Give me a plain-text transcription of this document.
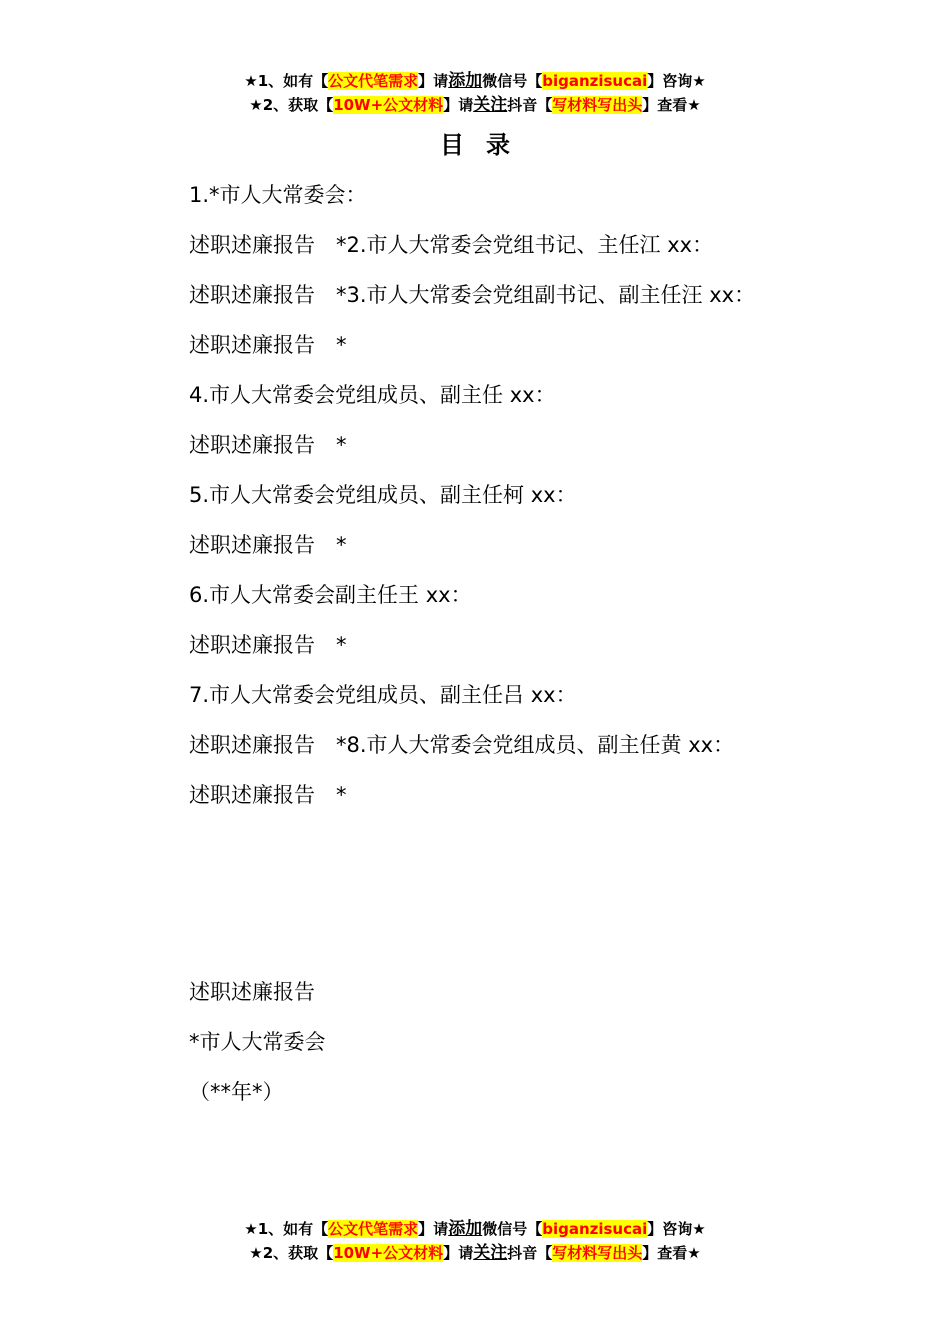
★1、如有【公文代笔需求】请添加微信号【biganzisucai】咨询★
★2、获取【10W+公文材料】请关注抖音【写材料写出头】查看★
目录
1.*市人大常委会：
述职述廉报告　*2.市人大常委会党组书记、主任江 xx：
述职述廉报告　*3.市人大常委会党组副书记、副主任汪 xx：
述职述廉报告　*
4.市人大常委会党组成员、副主任 xx：
述职述廉报告　*
5.市人大常委会党组成员、副主任柯 xx：
述职述廉报告　*
6.市人大常委会副主任王 xx：
述职述廉报告　*
7.市人大常委会党组成员、副主任吕 xx：
述职述廉报告　*8.市人大常委会党组成员、副主任黄 xx：
述职述廉报告　*
述职述廉报告
*市人大常委会
（**年*）
★1、如有【公文代笔需求】请添加微信号【biganzisucai】咨询★
★2、获取【10W+公文材料】请关注抖音【写材料写出头】查看★
